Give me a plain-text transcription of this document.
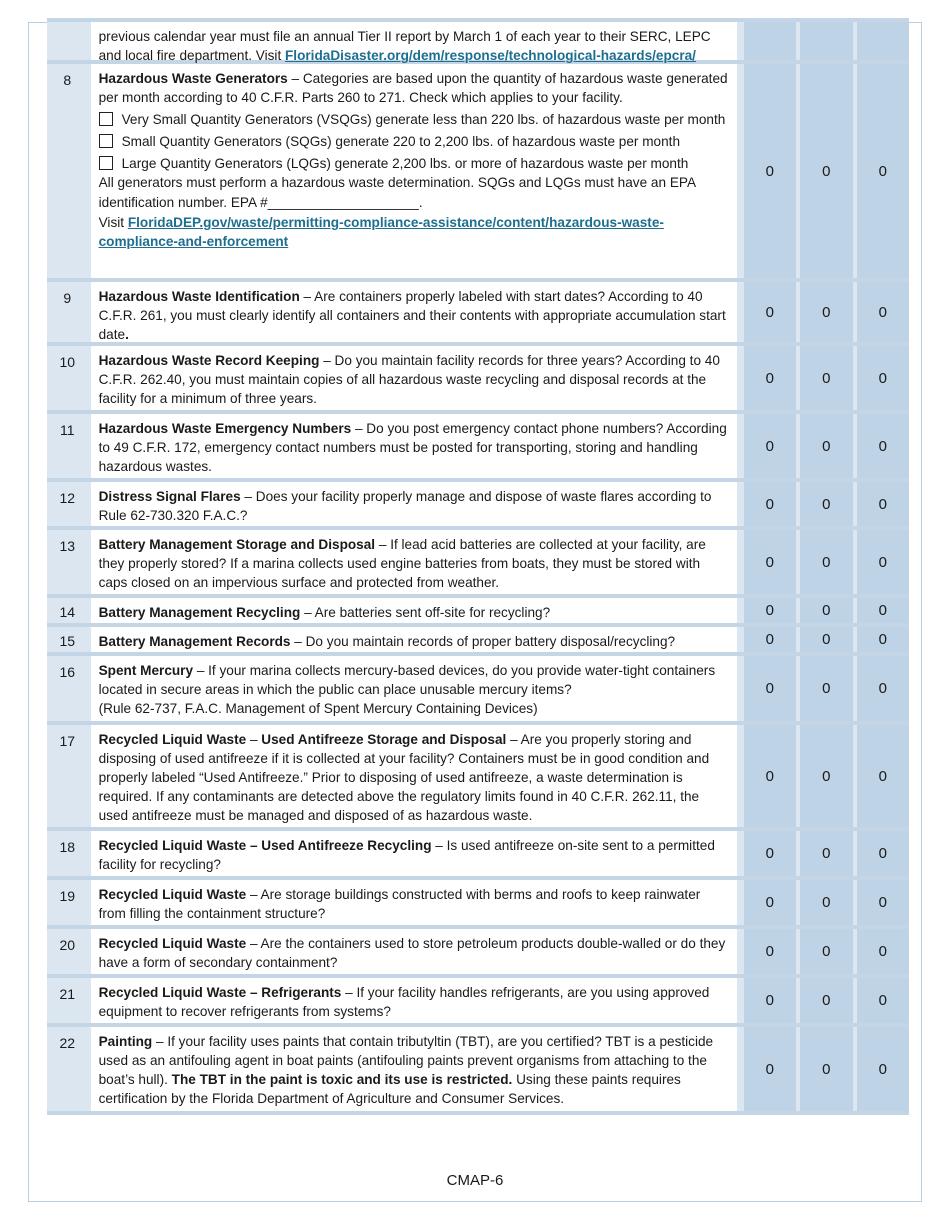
previous calendar year must file an annual Tier II report by March 1 of each year to their SERC, LEPC and local fire department. Visit FloridaDisaster.org/dem/response/technological-hazards/epcra/
8	Hazardous Waste Generators – Categories are based upon the quantity of hazardous waste generated per month according to 40 C.F.R. Parts 260 to 271. Check which applies to your facility.
Very Small Quantity Generators (VSQGs) generate less than 220 lbs. of hazardous waste per month
Small Quantity Generators (SQGs) generate 220 to 2,200 lbs. of hazardous waste per month
Large Quantity Generators (LQGs) generate 2,200 lbs. or more of hazardous waste per month
All generators must perform a hazardous waste determination. SQGs and LQGs must have an EPA identification number. EPA #____________________.
Visit FloridaDEP.gov/waste/permitting-compliance-assistance/content/hazardous-waste-compliance-and-enforcement
0	0	0
9	Hazardous Waste Identification – Are containers properly labeled with start dates? According to 40 C.F.R. 261, you must clearly identify all containers and their contents with appropriate accumulation start date.
0	0	0
10	Hazardous Waste Record Keeping – Do you maintain facility records for three years? According to 40 C.F.R. 262.40, you must maintain copies of all hazardous waste recycling and disposal records at the facility for a minimum of three years.
0	0	0
11	Hazardous Waste Emergency Numbers – Do you post emergency contact phone numbers? According to 49 C.F.R. 172, emergency contact numbers must be posted for transporting, storing and handling hazardous wastes.
0	0	0
12	Distress Signal Flares – Does your facility properly manage and dispose of waste flares according to Rule 62-730.320 F.A.C.?
0	0	0
13	Battery Management Storage and Disposal – If lead acid batteries are collected at your facility, are they properly stored? If a marina collects used engine batteries from boats, they must be stored with caps closed on an impervious surface and protected from weather.
0	0	0
14	Battery Management Recycling – Are batteries sent off-site for recycling?	0	0	0
15	Battery Management Records – Do you maintain records of proper battery disposal/recycling?	0	0	0
16	Spent Mercury – If your marina collects mercury-based devices, do you provide water-tight containers located in secure areas in which the public can place unusable mercury items?
(Rule 62-737, F.A.C. Management of Spent Mercury Containing Devices)
0	0	0
17	Recycled Liquid Waste – Used Antifreeze Storage and Disposal – Are you properly storing and disposing of used antifreeze if it is collected at your facility? Containers must be in good condition and properly labeled “Used Antifreeze.” Prior to disposing of used antifreeze, a waste determination is required. If any contaminants are detected above the regulatory limits found in 40 C.F.R. 262.11, the used antifreeze must be managed and disposed of as hazardous waste.
0	0	0
18	Recycled Liquid Waste – Used Antifreeze Recycling – Is used antifreeze on-site sent to a permitted facility for recycling?
0	0	0
19	Recycled Liquid Waste – Are storage buildings constructed with berms and roofs to keep rainwater from filling the containment structure?
0	0	0
20	Recycled Liquid Waste – Are the containers used to store petroleum products double-walled or do they have a form of secondary containment?
0	0	0
21	Recycled Liquid Waste – Refrigerants – If your facility handles refrigerants, are you using approved equipment to recover refrigerants from systems?
0	0	0
22	Painting – If your facility uses paints that contain tributyltin (TBT), are you certified? TBT is a pesticide used as an antifouling agent in boat paints (antifouling paints prevent organisms from attaching to the boat’s hull). The TBT in the paint is toxic and its use is restricted. Using these paints requires certification by the Florida Department of Agriculture and Consumer Services.
0	0	0
CMAP-6
